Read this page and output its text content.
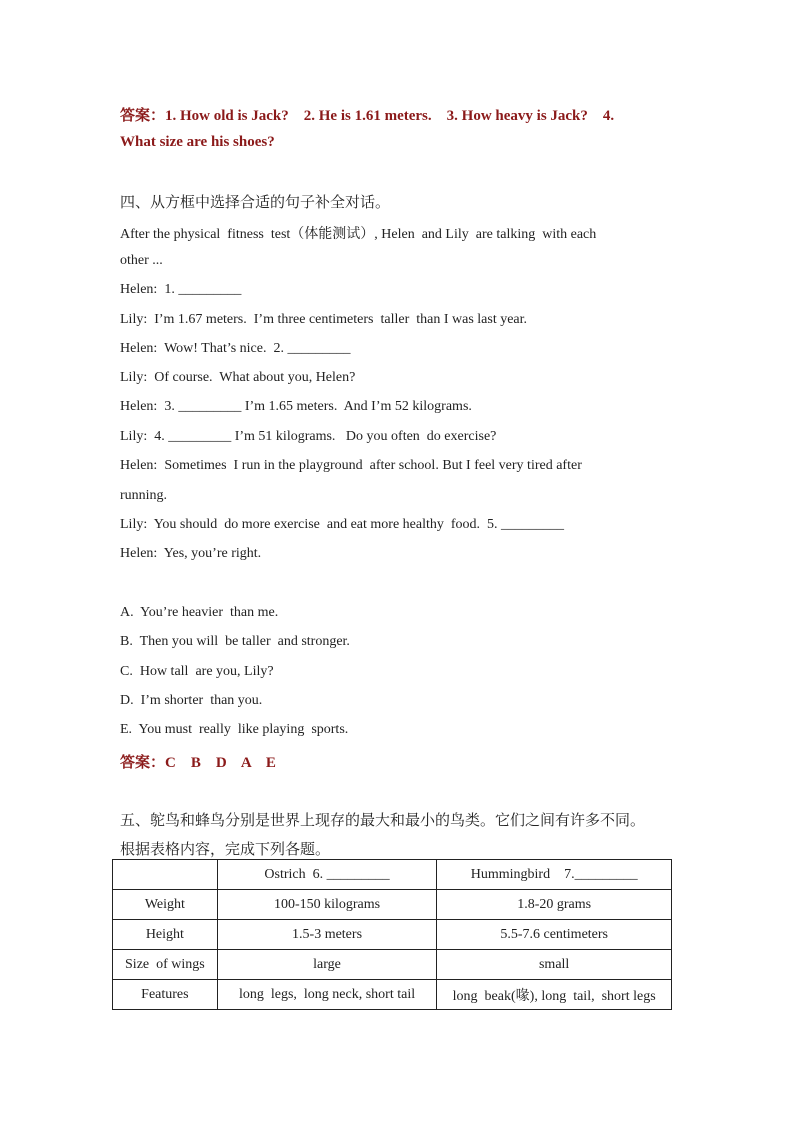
答案：1. How old is Jack?    2. He is 1.61 meters.    3. How heavy is Jack?    4.
What size are his shoes?
四、从方框中选择合适的句子补全对话。
After the physical  fitness  test（体能测试）, Helen  and Lily  are talking  with each
other ...
Helen:  1. _________
Lily:  I’m 1.67 meters.  I’m three centimeters  taller  than I was last year.
Helen:  Wow! That’s nice.  2. _________
Lily:  Of course.  What about you, Helen?
Helen:  3. _________ I’m 1.65 meters.  And I’m 52 kilograms.
Lily:  4. _________ I’m 51 kilograms.   Do you often  do exercise?
Helen:  Sometimes  I run in the playground  after school. But I feel very tired after
running.
Lily:  You should  do more exercise  and eat more healthy  food.  5. _________
Helen:  Yes, you’re right.
A.  You’re heavier  than me.
B.  Then you will  be taller  and stronger.
C.  How tall  are you, Lily?
D.  I’m shorter  than you.
E.  You must  really  like playing  sports.
答案：C    B    D    A    E
五、鸵鸟和蜂鸟分别是世界上现存的最大和最小的鸟类。它们之间有许多不同。
根据表格内容，完成下列各题。
	Ostrich  6. _________	Hummingbird    7._________
Weight	100-150 kilograms	1.8-20 grams
Height	1.5-3 meters	5.5-7.6 centimeters
Size  of wings	large	small
Features	long  legs,  long neck, short tail	long  beak(喙), long  tail,  short legs
